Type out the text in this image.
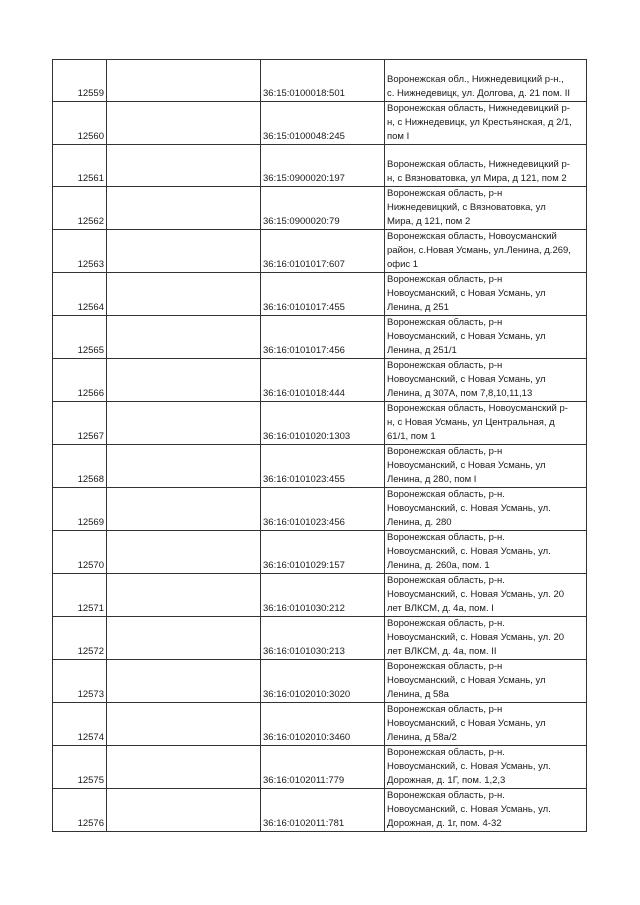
12559		36:15:0100018:501	Воронежская обл., Нижнедевицкий р-н.,
с. Нижнедевицк, ул. Долгова, д. 21 пом. II
12560		36:15:0100048:245	Воронежская область, Нижнедевицкий р-
н, с Нижнедевицк, ул Крестьянская, д 2/1,
пом I
12561		36:15:0900020:197	Воронежская область, Нижнедевицкий р-
н, с Вязноватовка, ул Мира, д 121, пом 2
12562		36:15:0900020:79	Воронежская область, р-н
Нижнедевицкий, с Вязноватовка, ул
Мира, д 121, пом 2
12563		36:16:0101017:607	Воронежская область, Новоусманский
район, с.Новая Усмань, ул.Ленина, д.269,
офис 1
12564		36:16:0101017:455	Воронежская область, р-н
Новоусманский, с Новая Усмань, ул
Ленина, д 251
12565		36:16:0101017:456	Воронежская область, р-н
Новоусманский, с Новая Усмань, ул
Ленина, д 251/1
12566		36:16:0101018:444	Воронежская область, р-н
Новоусманский, с Новая Усмань, ул
Ленина, д 307А, пом 7,8,10,11,13
12567		36:16:0101020:1303	Воронежская область, Новоусманский р-
н, с Новая Усмань, ул Центральная, д
61/1, пом 1
12568		36:16:0101023:455	Воронежская область, р-н
Новоусманский, с Новая Усмань, ул
Ленина, д 280, пом I
12569		36:16:0101023:456	Воронежская область, р-н.
Новоусманский, с. Новая Усмань, ул.
Ленина, д. 280
12570		36:16:0101029:157	Воронежская область, р-н.
Новоусманский, с. Новая Усмань, ул.
Ленина, д. 260а, пом. 1
12571		36:16:0101030:212	Воронежская область, р-н.
Новоусманский, с. Новая Усмань, ул. 20
лет ВЛКСМ, д. 4а, пом. I
12572		36:16:0101030:213	Воронежская область, р-н.
Новоусманский, с. Новая Усмань, ул. 20
лет ВЛКСМ, д. 4а, пом. II
12573		36:16:0102010:3020	Воронежская область, р-н
Новоусманский, с Новая Усмань, ул
Ленина, д 58а
12574		36:16:0102010:3460	Воронежская область, р-н
Новоусманский, с Новая Усмань, ул
Ленина, д 58а/2
12575		36:16:0102011:779	Воронежская область, р-н.
Новоусманский, с. Новая Усмань, ул.
Дорожная, д. 1Г, пом. 1,2,3
12576		36:16:0102011:781	Воронежская область, р-н.
Новоусманский, с. Новая Усмань, ул.
Дорожная, д. 1г, пом. 4-32
